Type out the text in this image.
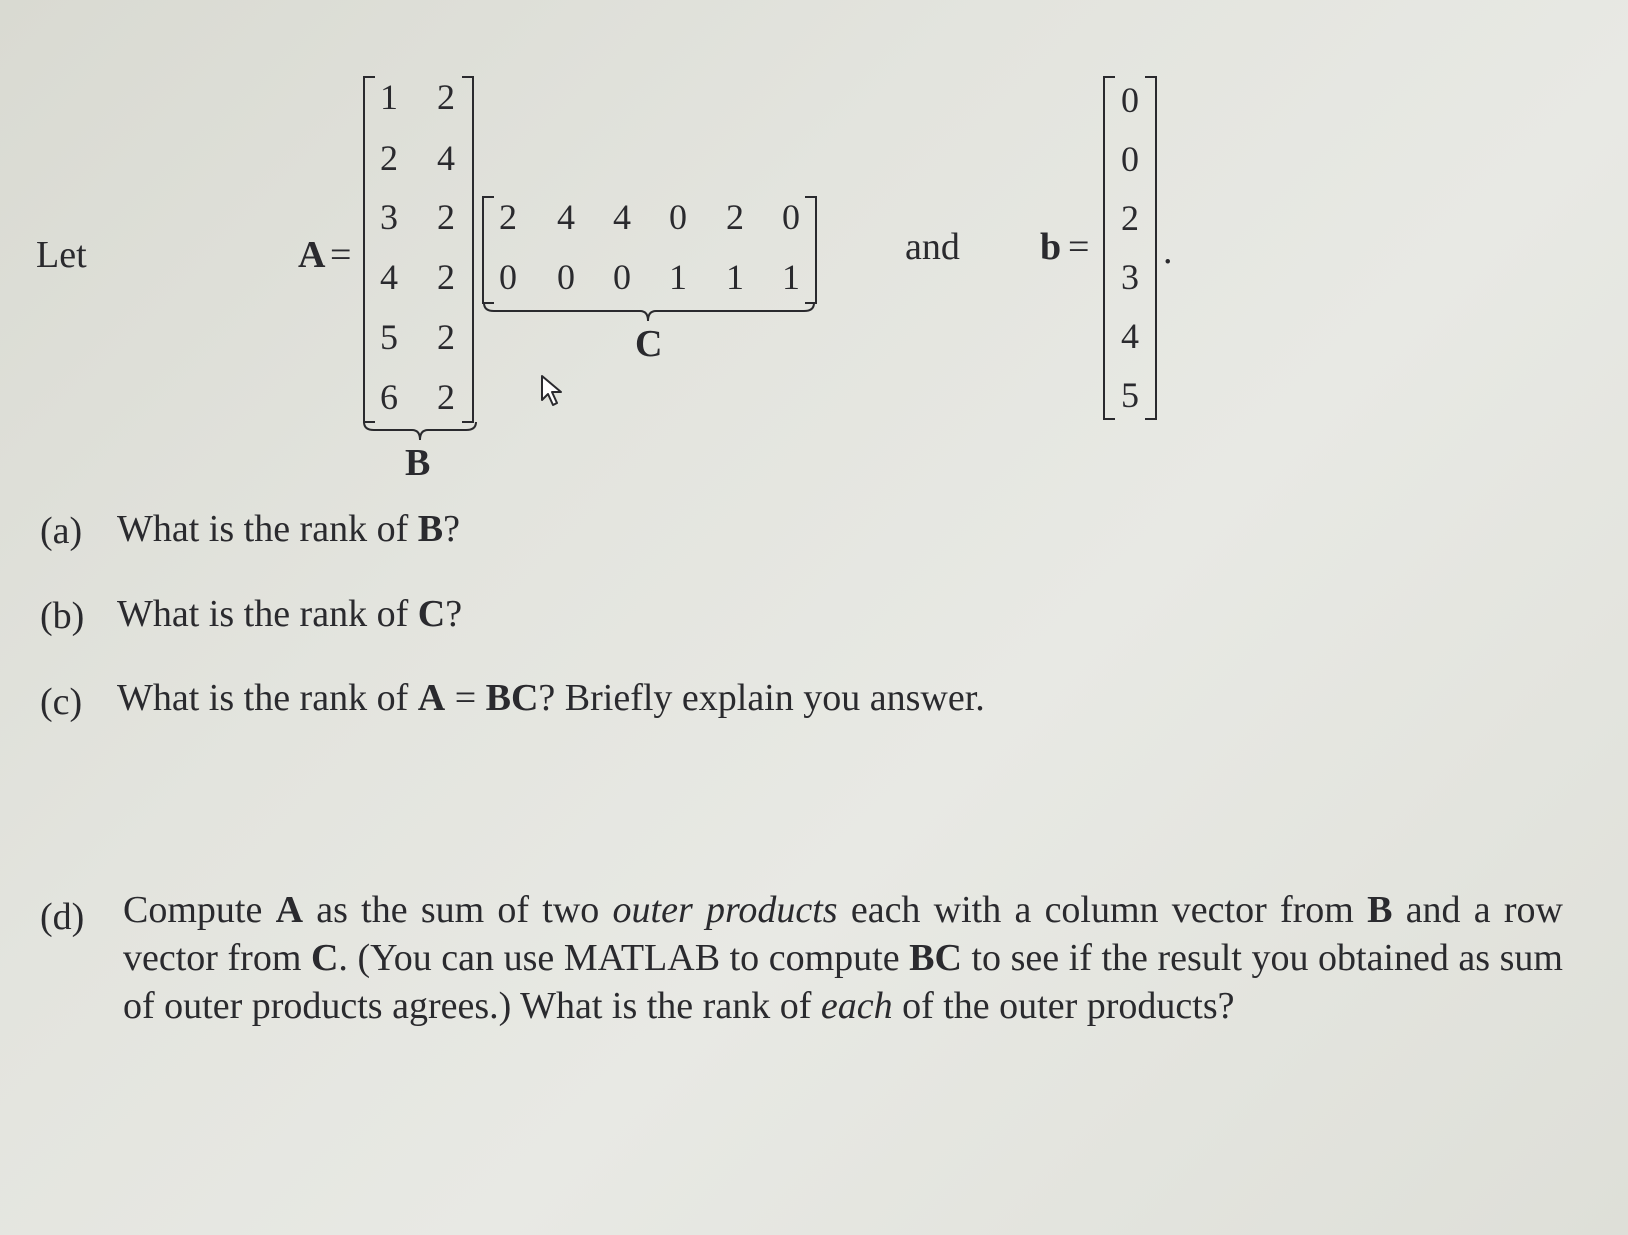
Let	A =
1	2
2	4
3	2
4	2
5	2
6	2
B
2	4	4	0	2	0
0	0	0	1	1	1
C
and b =
0
0
2
3
4
5
.
(a) What is the rank of B?
(b) What is the rank of C?
(c) What is the rank of A = BC? Briefly explain you answer.
(d) Compute A as the sum of two outer products each with a column vector from B and a row vector from C. (You can use MATLAB to compute BC to see if the result you obtained as sum of outer products agrees.) What is the rank of each of the outer products?
